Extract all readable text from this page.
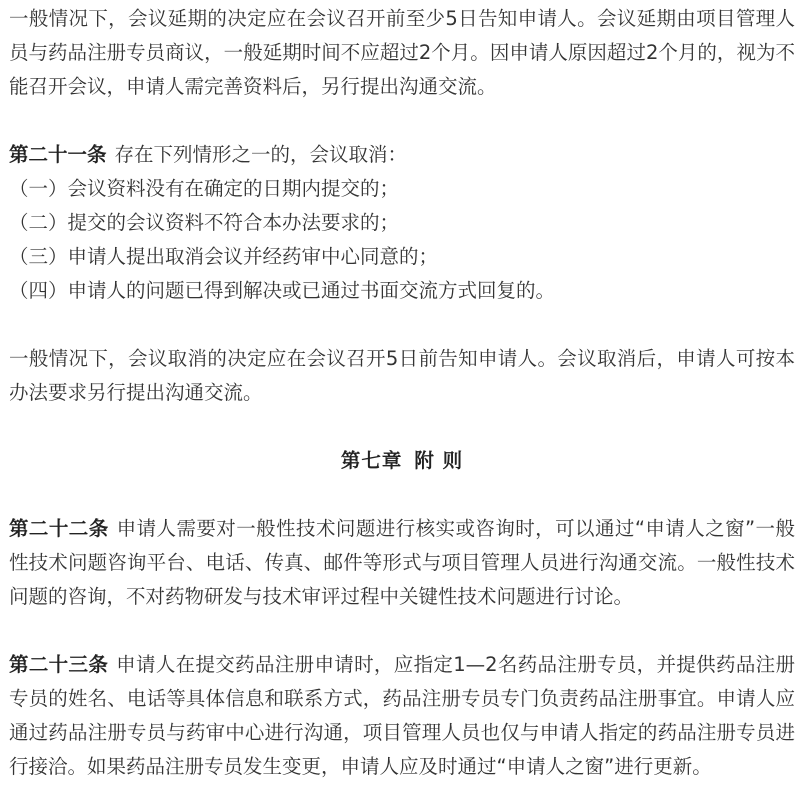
一般情况下，会议延期的决定应在会议召开前至少5日告知申请人。会议延期由项目管理人员与药品注册专员商议，一般延期时间不应超过2个月。因申请人原因超过2个月的，视为不能召开会议，申请人需完善资料后，另行提出沟通交流。

第二十一条 存在下列情形之一的，会议取消：

（一）会议资料没有在确定的日期内提交的；

（二）提交的会议资料不符合本办法要求的；

（三）申请人提出取消会议并经药审中心同意的；

（四）申请人的问题已得到解决或已通过书面交流方式回复的。

一般情况下，会议取消的决定应在会议召开5日前告知申请人。会议取消后，申请人可按本办法要求另行提出沟通交流。

第七章 附 则

第二十二条 申请人需要对一般性技术问题进行核实或咨询时，可以通过“申请人之窗”一般性技术问题咨询平台、电话、传真、邮件等形式与项目管理人员进行沟通交流。一般性技术问题的咨询，不对药物研发与技术审评过程中关键性技术问题进行讨论。

第二十三条 申请人在提交药品注册申请时，应指定1—2名药品注册专员，并提供药品注册专员的姓名、电话等具体信息和联系方式，药品注册专员专门负责药品注册事宜。申请人应通过药品注册专员与药审中心进行沟通，项目管理人员也仅与申请人指定的药品注册专员进行接洽。如果药品注册专员发生变更，申请人应及时通过“申请人之窗”进行更新。
